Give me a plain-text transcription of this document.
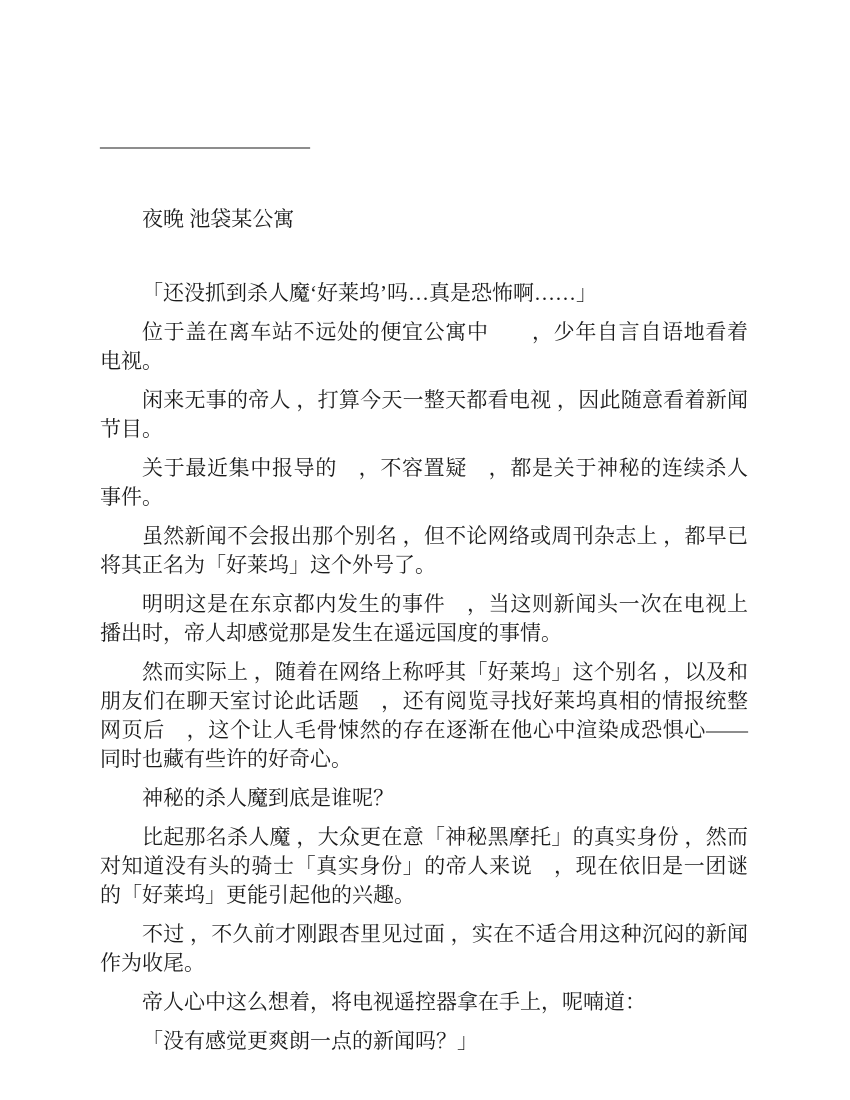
——————————
夜晚 池袋某公寓

「还没抓到杀人魔‘好莱坞’吗…真是恐怖啊……」

位于盖在离车站不远处的便宜公寓中　　，少年自言自语地看着电视。

闲来无事的帝人 ，打算今天一整天都看电视 ，因此随意看着新闻节目。

关于最近集中报导的　，不容置疑　，都是关于神秘的连续杀人事件。

虽然新闻不会报出那个别名 ，但不论网络或周刊杂志上 ，都早已将其正名为「好莱坞」这个外号了。

明明这是在东京都内发生的事件　，当这则新闻头一次在电视上播出时，帝人却感觉那是发生在遥远国度的事情。

然而实际上 ，随着在网络上称呼其「好莱坞」这个别名 ，以及和朋友们在聊天室讨论此话题　，还有阅览寻找好莱坞真相的情报统整网页后　，这个让人毛骨悚然的存在逐渐在他心中渲染成恐惧心——同时也藏有些许的好奇心。

神秘的杀人魔到底是谁呢？

比起那名杀人魔 ，大众更在意「神秘黑摩托」的真实身份 ，然而对知道没有头的骑士「真实身份」的帝人来说　，现在依旧是一团谜的「好莱坞」更能引起他的兴趣。

不过 ，不久前才刚跟杏里见过面 ，实在不适合用这种沉闷的新闻作为收尾。

帝人心中这么想着，将电视遥控器拿在手上，呢喃道：

「没有感觉更爽朗一点的新闻吗？」
